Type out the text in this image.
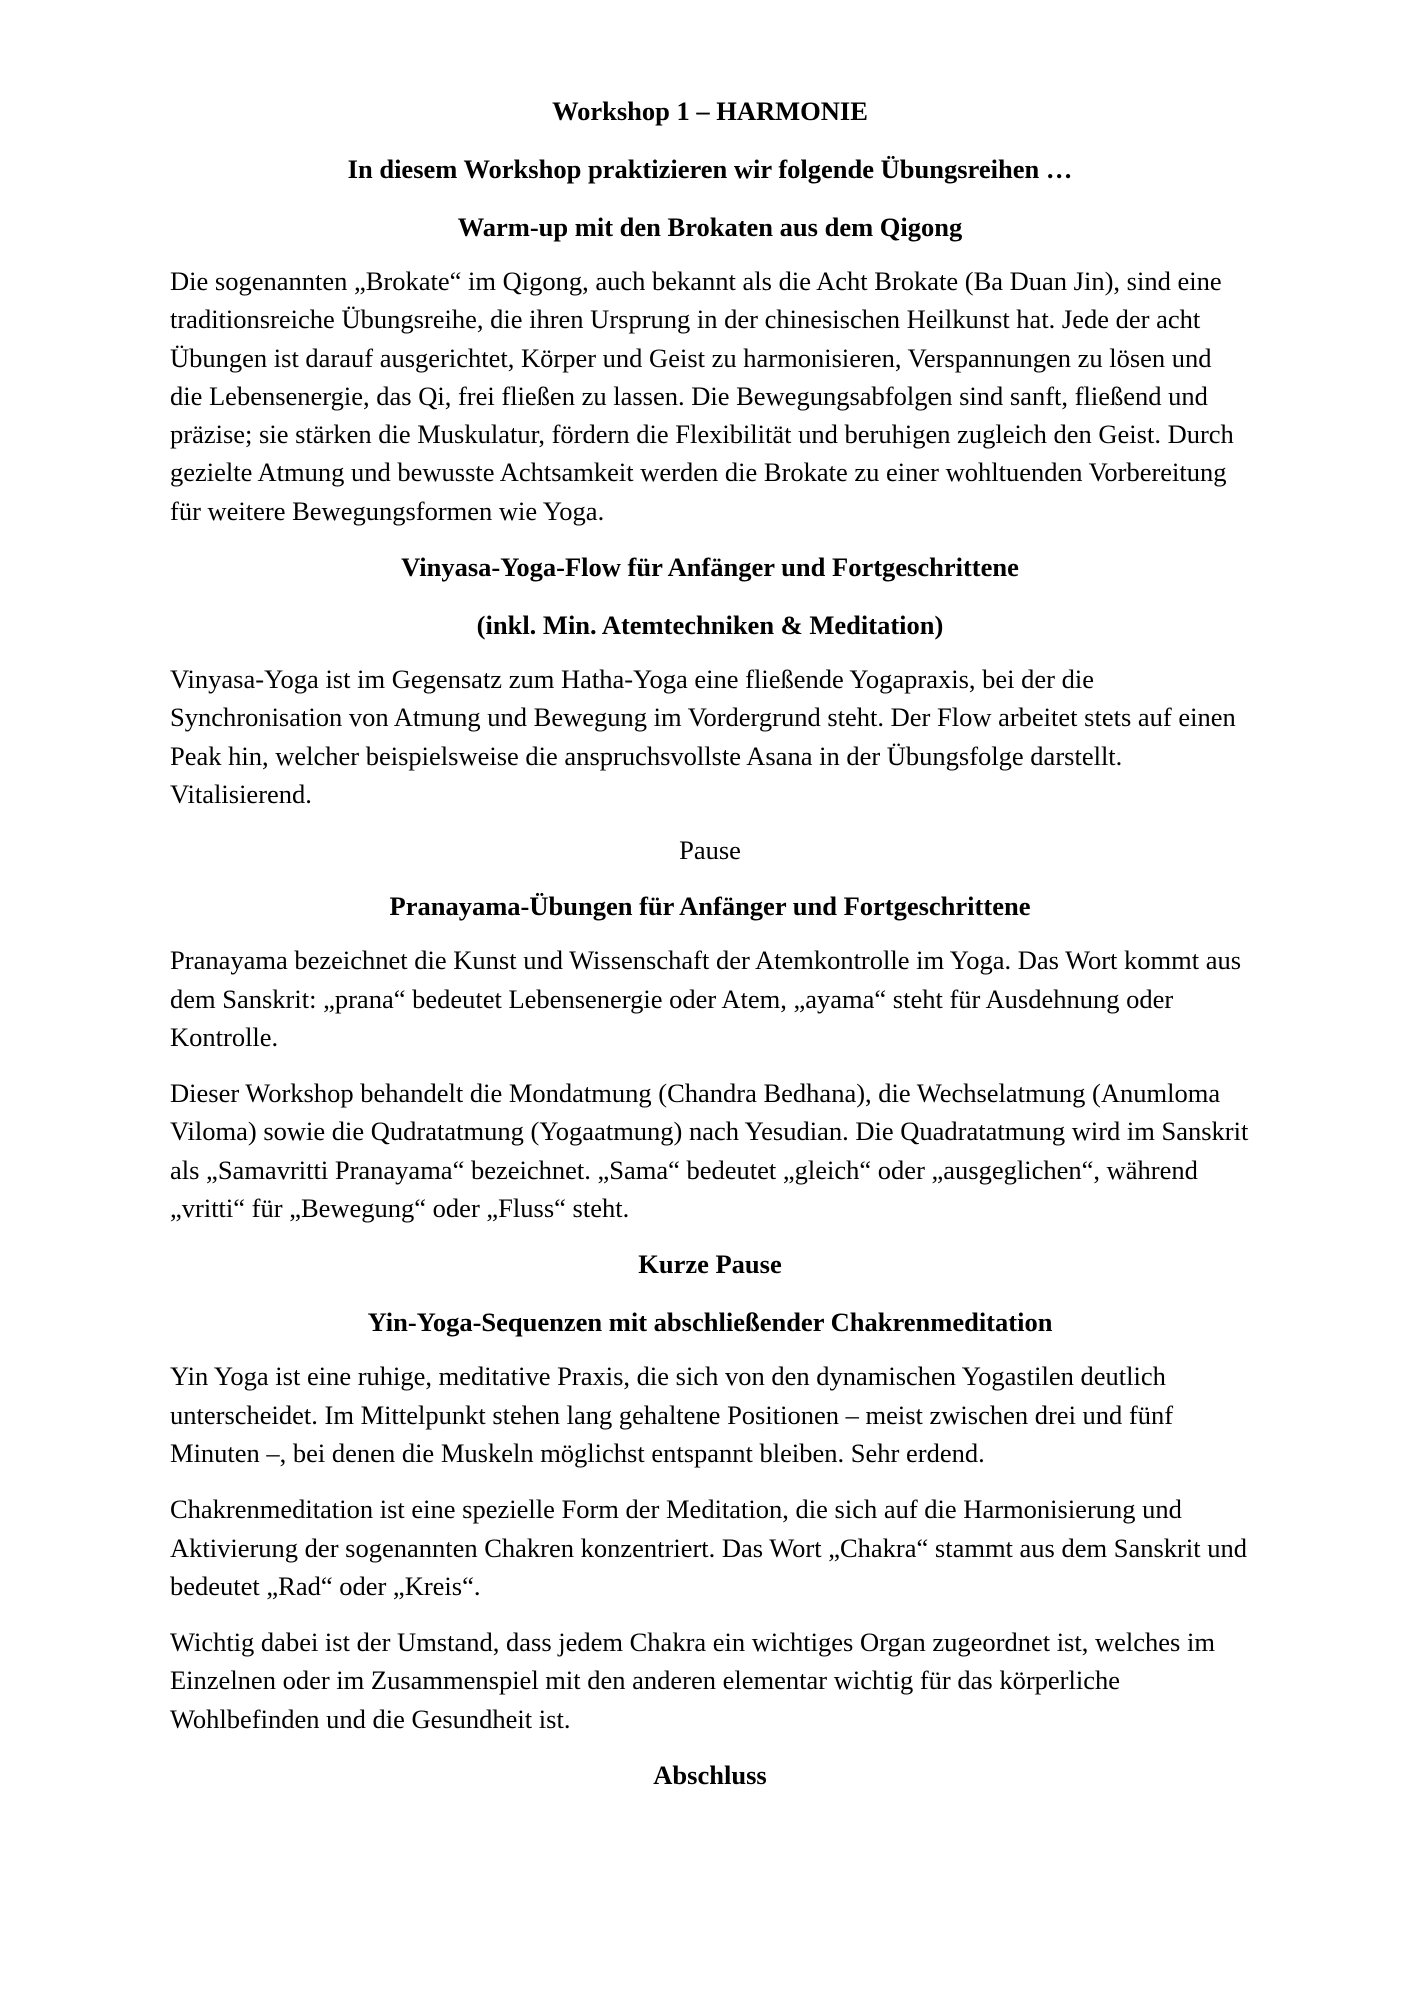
Workshop 1 – HARMONIE
In diesem Workshop praktizieren wir folgende Übungsreihen …
Warm-up mit den Brokaten aus dem Qigong

Die sogenannten „Brokate“ im Qigong, auch bekannt als die Acht Brokate (Ba Duan Jin), sind eine traditionsreiche Übungsreihe, die ihren Ursprung in der chinesischen Heilkunst hat. Jede der acht Übungen ist darauf ausgerichtet, Körper und Geist zu harmonisieren, Verspannungen zu lösen und die Lebensenergie, das Qi, frei fließen zu lassen. Die Bewegungsabfolgen sind sanft, fließend und präzise; sie stärken die Muskulatur, fördern die Flexibilität und beruhigen zugleich den Geist. Durch gezielte Atmung und bewusste Achtsamkeit werden die Brokate zu einer wohltuenden Vorbereitung für weitere Bewegungsformen wie Yoga.

Vinyasa-Yoga-Flow für Anfänger und Fortgeschrittene
(inkl. Min. Atemtechniken & Meditation)

Vinyasa-Yoga ist im Gegensatz zum Hatha-Yoga eine fließende Yogapraxis, bei der die Synchronisation von Atmung und Bewegung im Vordergrund steht. Der Flow arbeitet stets auf einen Peak hin, welcher beispielsweise die anspruchsvollste Asana in der Übungsfolge darstellt. Vitalisierend.

Pause
Pranayama-Übungen für Anfänger und Fortgeschrittene

Pranayama bezeichnet die Kunst und Wissenschaft der Atemkontrolle im Yoga. Das Wort kommt aus dem Sanskrit: „prana“ bedeutet Lebensenergie oder Atem, „ayama“ steht für Ausdehnung oder Kontrolle.

Dieser Workshop behandelt die Mondatmung (Chandra Bedhana), die Wechselatmung (Anumloma Viloma) sowie die Qudratatmung (Yogaatmung) nach Yesudian. Die Quadratatmung wird im Sanskrit als „Samavritti Pranayama“ bezeichnet. „Sama“ bedeutet „gleich“ oder „ausgeglichen“, während „vritti“ für „Bewegung“ oder „Fluss“ steht.

Kurze Pause
Yin-Yoga-Sequenzen mit abschließender Chakrenmeditation

Yin Yoga ist eine ruhige, meditative Praxis, die sich von den dynamischen Yogastilen deutlich unterscheidet. Im Mittelpunkt stehen lang gehaltene Positionen – meist zwischen drei und fünf Minuten –, bei denen die Muskeln möglichst entspannt bleiben. Sehr erdend.

Chakrenmeditation ist eine spezielle Form der Meditation, die sich auf die Harmonisierung und Aktivierung der sogenannten Chakren konzentriert. Das Wort „Chakra“ stammt aus dem Sanskrit und bedeutet „Rad“ oder „Kreis“.

Wichtig dabei ist der Umstand, dass jedem Chakra ein wichtiges Organ zugeordnet ist, welches im Einzelnen oder im Zusammenspiel mit den anderen elementar wichtig für das körperliche Wohlbefinden und die Gesundheit ist.

Abschluss
